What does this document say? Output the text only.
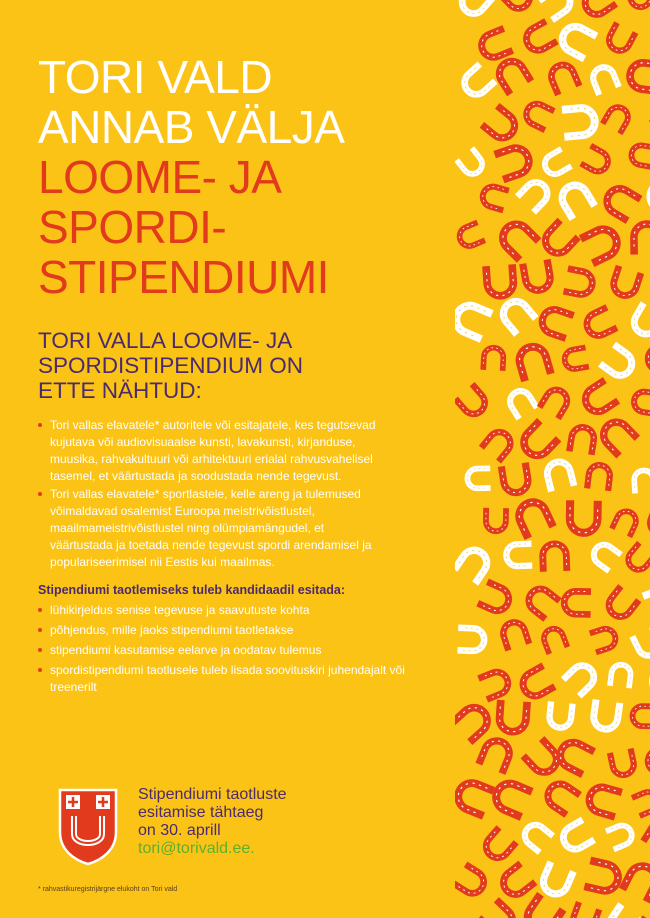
TORI VALD
ANNAB VÄLJA
LOOME- JA
SPORDI-
STIPENDIUMI
TORI VALLA LOOME- JA
SPORDISTIPENDIUM ON
ETTE NÄHTUD:
Tori vallas elavatele* autoritele või esitajatele, kes tegutsevad kujutava või audiovisuaalse kunsti, lavakunsti, kirjanduse, muusika, rahvakultuuri või arhitektuuri erialal rahvusvahelisel tasemel, et väärtustada ja soodustada nende tegevust.
Tori vallas elavatele* sportlastele, kelle areng ja tulemused võimaldavad osalemist Euroopa meistrivõistlustel, maailmameistrivõistlustel ning olümpiamängudel, et väärtustada ja toetada nende tegevust spordi arendamisel ja populariseerimisel nii Eestis kui maailmas.
Stipendiumi taotlemiseks tuleb kandidaadil esitada:
lühikirjeldus senise tegevuse ja saavutuste kohta
põhjendus, mille jaoks stipendiumi taotletakse
stipendiumi kasutamise eelarve ja oodatav tulemus
spordistipendiumi taotlusele tuleb lisada soovituskiri juhendajalt või treenerilt
Stipendiumi taotluste
esitamise tähtaeg
on 30. aprill
tori@torivald.ee.
* rahvastikuregistrijärgne elukoht on Tori vald
